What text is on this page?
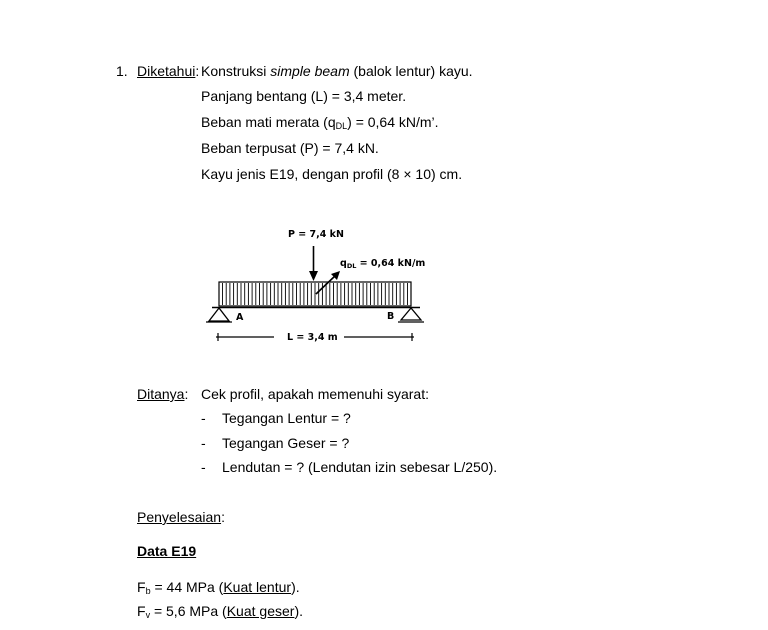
1. Diketahui: Konstruksi simple beam (balok lentur) kayu.
Panjang bentang (L) = 3,4 meter.
Beban mati merata $(q_{DL}) = 0,64$ kN/m’.
Beban terpusat (P) = 7,4 kN.
Kayu jenis E19, dengan profil (8 × 10) cm.
P = 7,4 kN
$q_{DL} = 0,64$ kN/m
A	B
L = 3,4 m
Ditanya: Cek profil, apakah memenuhi syarat:
- Tegangan Lentur = ?
- Tegangan Geser = ?
- Lendutan = ? (Lendutan izin sebesar L/250).
Penyelesaian:
Data E19
$F_b = 44$ MPa (Kuat lentur).
$F_v = 5,6$ MPa (Kuat geser).
